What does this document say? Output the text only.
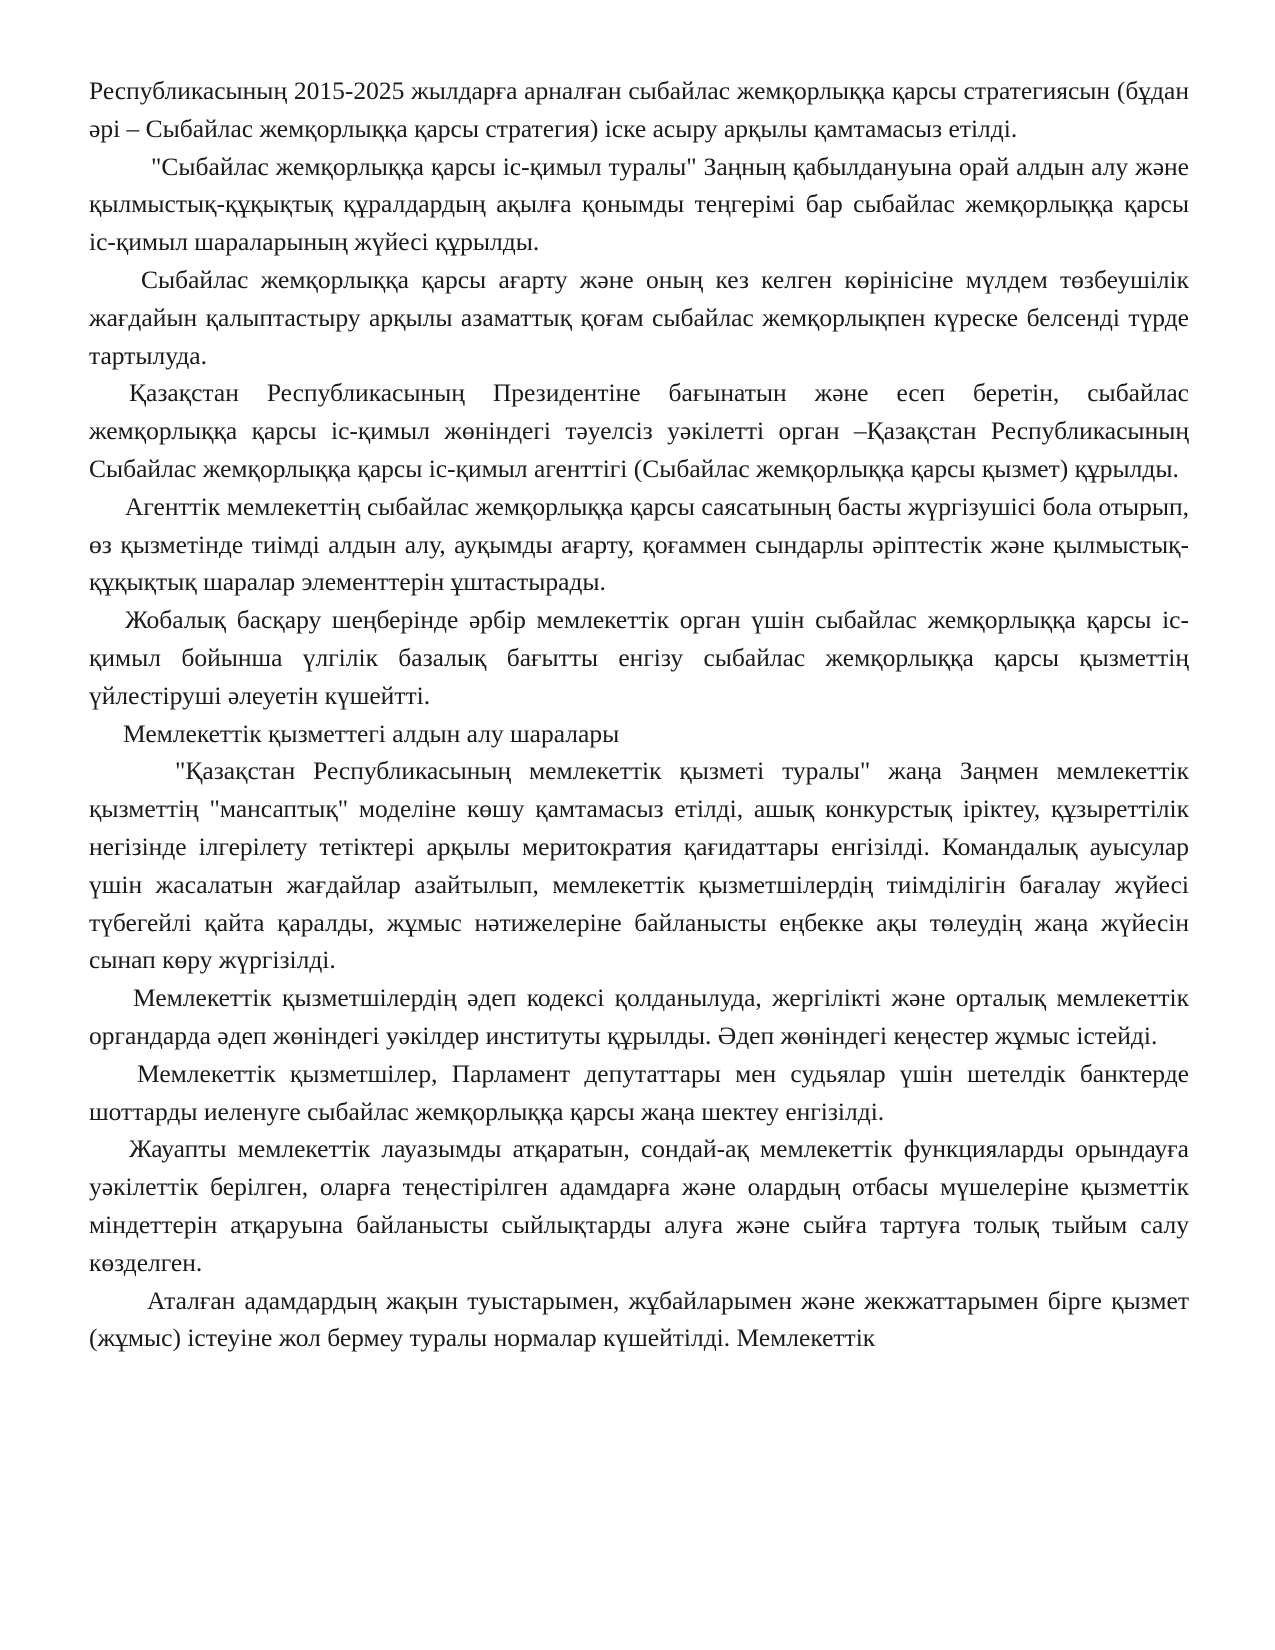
Республикасының 2015-2025 жылдарға арналған сыбайлас жемқорлыққа қарсы стратегиясын (бұдан әрі – Сыбайлас жемқорлыққа қарсы стратегия) іске асыру арқылы қамтамасыз етілді.

"Сыбайлас жемқорлыққа қарсы іс-қимыл туралы" Заңның қабылдануына орай алдын алу және қылмыстық-құқықтық құралдардың ақылға қонымды теңгерімі бар сыбайлас жемқорлыққа қарсы іс-қимыл шараларының жүйесі құрылды.

Сыбайлас жемқорлыққа қарсы ағарту және оның кез келген көрінісіне мүлдем төзбеушілік жағдайын қалыптастыру арқылы азаматтық қоғам сыбайлас жемқорлықпен күреске белсенді түрде тартылуда.

Қазақстан Республикасының Президентіне бағынатын және есеп беретін, сыбайлас жемқорлыққа қарсы іс-қимыл жөніндегі тәуелсіз уәкілетті орган –Қазақстан Республикасының Сыбайлас жемқорлыққа қарсы іс-қимыл агенттігі (Сыбайлас жемқорлыққа қарсы қызмет) құрылды.

Агенттік мемлекеттің сыбайлас жемқорлыққа қарсы саясатының басты жүргізушісі бола отырып, өз қызметінде тиімді алдын алу, ауқымды ағарту, қоғаммен сындарлы әріптестік және қылмыстық-құқықтық шаралар элементтерін ұштастырады.

Жобалық басқару шеңберінде әрбір мемлекеттік орган үшін сыбайлас жемқорлыққа қарсы іс-қимыл бойынша үлгілік базалық бағытты енгізу сыбайлас жемқорлыққа қарсы қызметтің үйлестіруші әлеуетін күшейтті.

Мемлекеттік қызметтегі алдын алу шаралары

"Қазақстан Республикасының мемлекеттік қызметі туралы" жаңа Заңмен мемлекеттік қызметтің "мансаптық" моделіне көшу қамтамасыз етілді, ашық конкурстық іріктеу, құзыреттілік негізінде ілгерілету тетіктері арқылы меритократия қағидаттары енгізілді. Командалық ауысулар үшін жасалатын жағдайлар азайтылып, мемлекеттік қызметшілердің тиімділігін бағалау жүйесі түбегейлі қайта қаралды, жұмыс нәтижелеріне байланысты еңбекке ақы төлеудің жаңа жүйесін сынап көру жүргізілді.

Мемлекеттік қызметшілердің әдеп кодексі қолданылуда, жергілікті және орталық мемлекеттік органдарда әдеп жөніндегі уәкілдер институты құрылды. Әдеп жөніндегі кеңестер жұмыс істейді.

Мемлекеттік қызметшілер, Парламент депутаттары мен судьялар үшін шетелдік банктерде шоттарды иеленуге сыбайлас жемқорлыққа қарсы жаңа шектеу енгізілді.

Жауапты мемлекеттік лауазымды атқаратын, сондай-ақ мемлекеттік функцияларды орындауға уәкілеттік берілген, оларға теңестірілген адамдарға және олардың отбасы мүшелеріне қызметтік міндеттерін атқаруына байланысты сыйлықтарды алуға және сыйға тартуға толық тыйым салу көзделген.

Аталған адамдардың жақын туыстарымен, жұбайларымен және жекжаттарымен бірге қызмет (жұмыс) істеуіне жол бермеу туралы нормалар күшейтілді. Мемлекеттік
